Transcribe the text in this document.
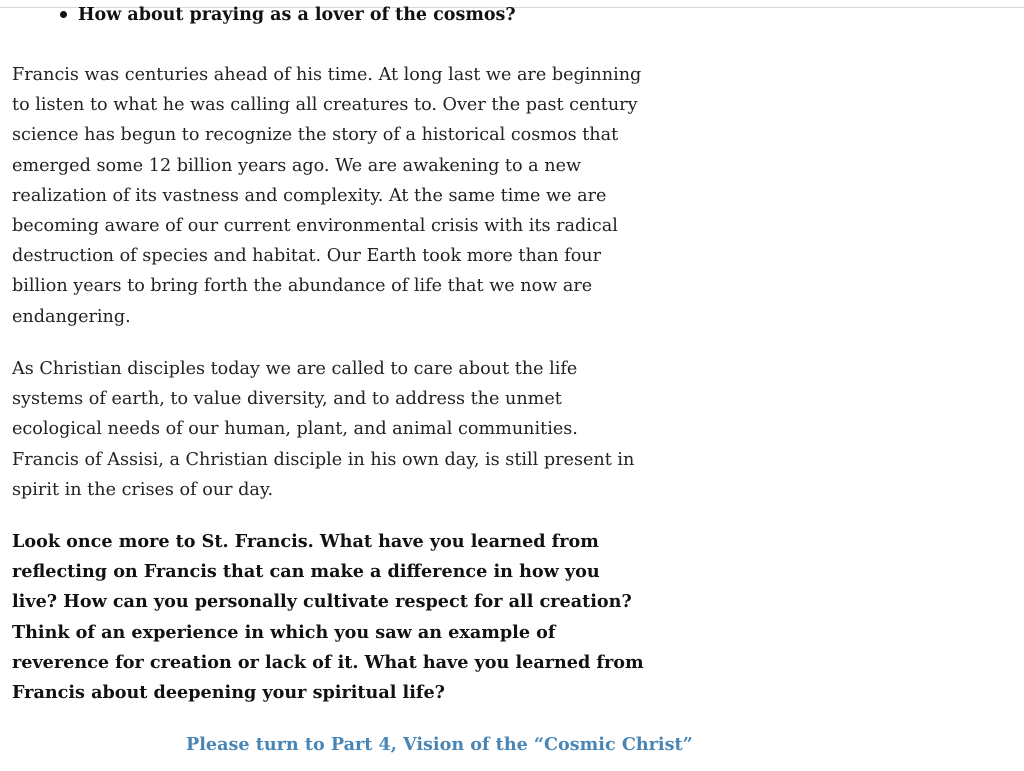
How about praying as a lover of the cosmos?

Francis was centuries ahead of his time. At long last we are beginning to listen to what he was calling all creatures to. Over the past century science has begun to recognize the story of a historical cosmos that emerged some 12 billion years ago. We are awakening to a new realization of its vastness and complexity. At the same time we are becoming aware of our current environmental crisis with its radical destruction of species and habitat. Our Earth took more than four billion years to bring forth the abundance of life that we now are endangering.

As Christian disciples today we are called to care about the life systems of earth, to value diversity, and to address the unmet ecological needs of our human, plant, and animal communities. Francis of Assisi, a Christian disciple in his own day, is still present in spirit in the crises of our day.

Look once more to St. Francis. What have you learned from reflecting on Francis that can make a difference in how you live? How can you personally cultivate respect for all creation? Think of an experience in which you saw an example of reverence for creation or lack of it. What have you learned from Francis about deepening your spiritual life?

Please turn to Part 4, Vision of the “Cosmic Christ”
